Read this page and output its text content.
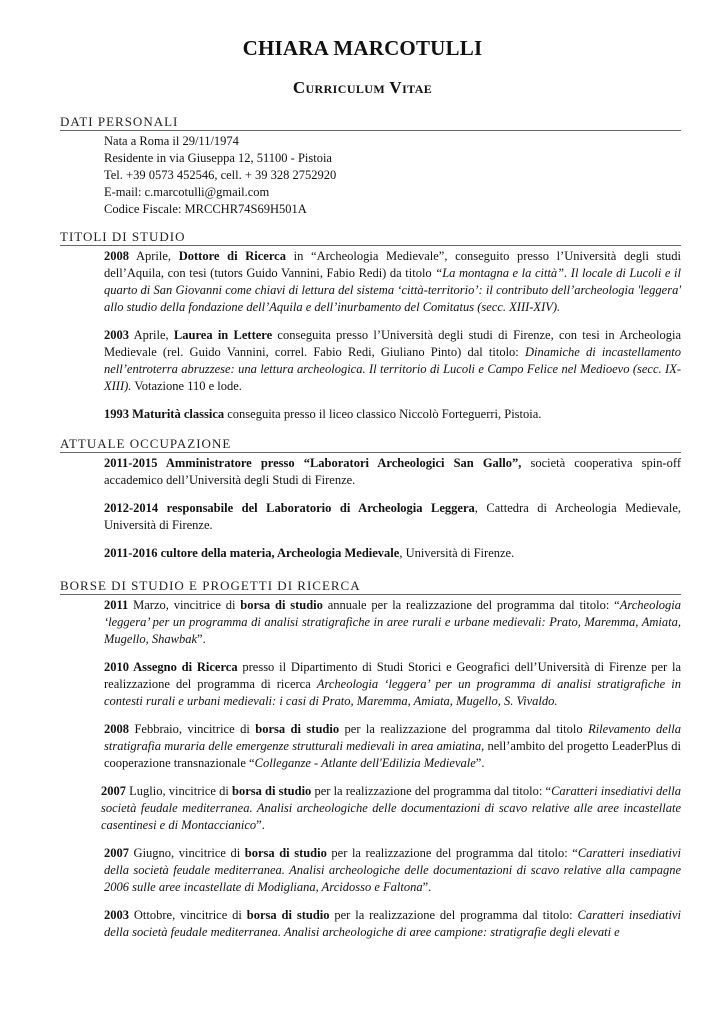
CHIARA MARCOTULLI
Curriculum Vitae
DATI PERSONALI
Nata a Roma il 29/11/1974
Residente in via Giuseppa 12, 51100 - Pistoia
Tel. +39 0573 452546, cell. + 39 328 2752920
E-mail: c.marcotulli@gmail.com
Codice Fiscale: MRCCHR74S69H501A
TITOLI DI STUDIO
2008 Aprile, Dottore di Ricerca in “Archeologia Medievale”, conseguito presso l’Università degli studi dell’Aquila, con tesi (tutors Guido Vannini, Fabio Redi) da titolo “La montagna e la città”. Il locale di Lucoli e il quarto di San Giovanni come chiavi di lettura del sistema ‘città-territorio’: il contributo dell’archeologia 'leggera' allo studio della fondazione dell’Aquila e dell’inurbamento del Comitatus (secc. XIII-XIV).
2003 Aprile, Laurea in Lettere conseguita presso l’Università degli studi di Firenze, con tesi in Archeologia Medievale (rel. Guido Vannini, correl. Fabio Redi, Giuliano Pinto) dal titolo: Dinamiche di incastellamento nell’entroterra abruzzese: una lettura archeologica. Il territorio di Lucoli e Campo Felice nel Medioevo (secc. IX-XIII). Votazione 110 e lode.
1993 Maturità classica conseguita presso il liceo classico Niccolò Forteguerri, Pistoia.
ATTUALE OCCUPAZIONE
2011-2015 Amministratore presso “Laboratori Archeologici San Gallo”, società cooperativa spin-off accademico dell’Università degli Studi di Firenze.
2012-2014 responsabile del Laboratorio di Archeologia Leggera, Cattedra di Archeologia Medievale, Università di Firenze.
2011-2016 cultore della materia, Archeologia Medievale, Università di Firenze.
BORSE DI STUDIO E PROGETTI DI RICERCA
2011 Marzo, vincitrice di borsa di studio annuale per la realizzazione del programma dal titolo: “Archeologia ‘leggera’ per un programma di analisi stratigrafiche in aree rurali e urbane medievali: Prato, Maremma, Amiata, Mugello, Shawbak”.
2010 Assegno di Ricerca presso il Dipartimento di Studi Storici e Geografici dell’Università di Firenze per la realizzazione del programma di ricerca Archeologia ‘leggera’ per un programma di analisi stratigrafiche in contesti rurali e urbani medievali: i casi di Prato, Maremma, Amiata, Mugello, S. Vivaldo.
2008 Febbraio, vincitrice di borsa di studio per la realizzazione del programma dal titolo Rilevamento della stratigrafia muraria delle emergenze strutturali medievali in area amiatina, nell’ambito del progetto LeaderPlus di cooperazione transnazionale “Colleganze - Atlante dell'Edilizia Medievale”.
2007 Luglio, vincitrice di borsa di studio per la realizzazione del programma dal titolo: “Caratteri insediativi della società feudale mediterranea. Analisi archeologiche delle documentazioni di scavo relative alle aree incastellate casentinesi e di Montaccianico”.
2007 Giugno, vincitrice di borsa di studio per la realizzazione del programma dal titolo: “Caratteri insediativi della società feudale mediterranea. Analisi archeologiche delle documentazioni di scavo relative alla campagne 2006 sulle aree incastellate di Modigliana, Arcidosso e Faltona”.
2003 Ottobre, vincitrice di borsa di studio per la realizzazione del programma dal titolo: Caratteri insediativi della società feudale mediterranea. Analisi archeologiche di aree campione: stratigrafie degli elevati e
